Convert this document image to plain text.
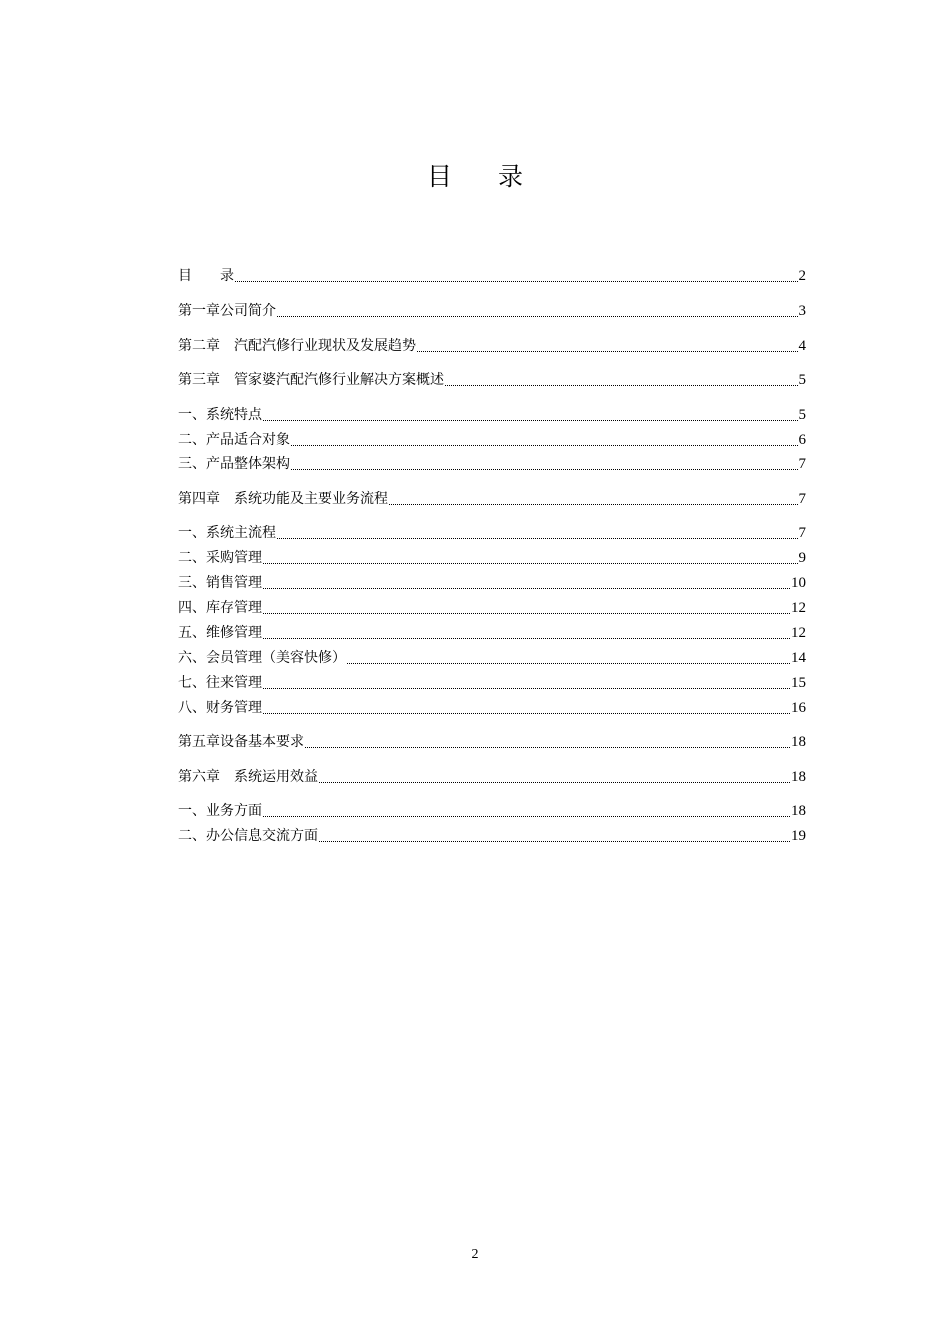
目 录
目　　录	2
第一章公司简介	3
第二章　汽配汽修行业现状及发展趋势	4
第三章　管家婆汽配汽修行业解决方案概述	5
一、系统特点	5
二、产品适合对象	6
三、产品整体架构	7
第四章　系统功能及主要业务流程	7
一、系统主流程	7
二、采购管理	9
三、销售管理	10
四、库存管理	12
五、维修管理	12
六、会员管理（美容快修）	14
七、往来管理	15
八、财务管理	16
第五章设备基本要求	18
第六章　系统运用效益	18
一、业务方面	18
二、办公信息交流方面	19
2
